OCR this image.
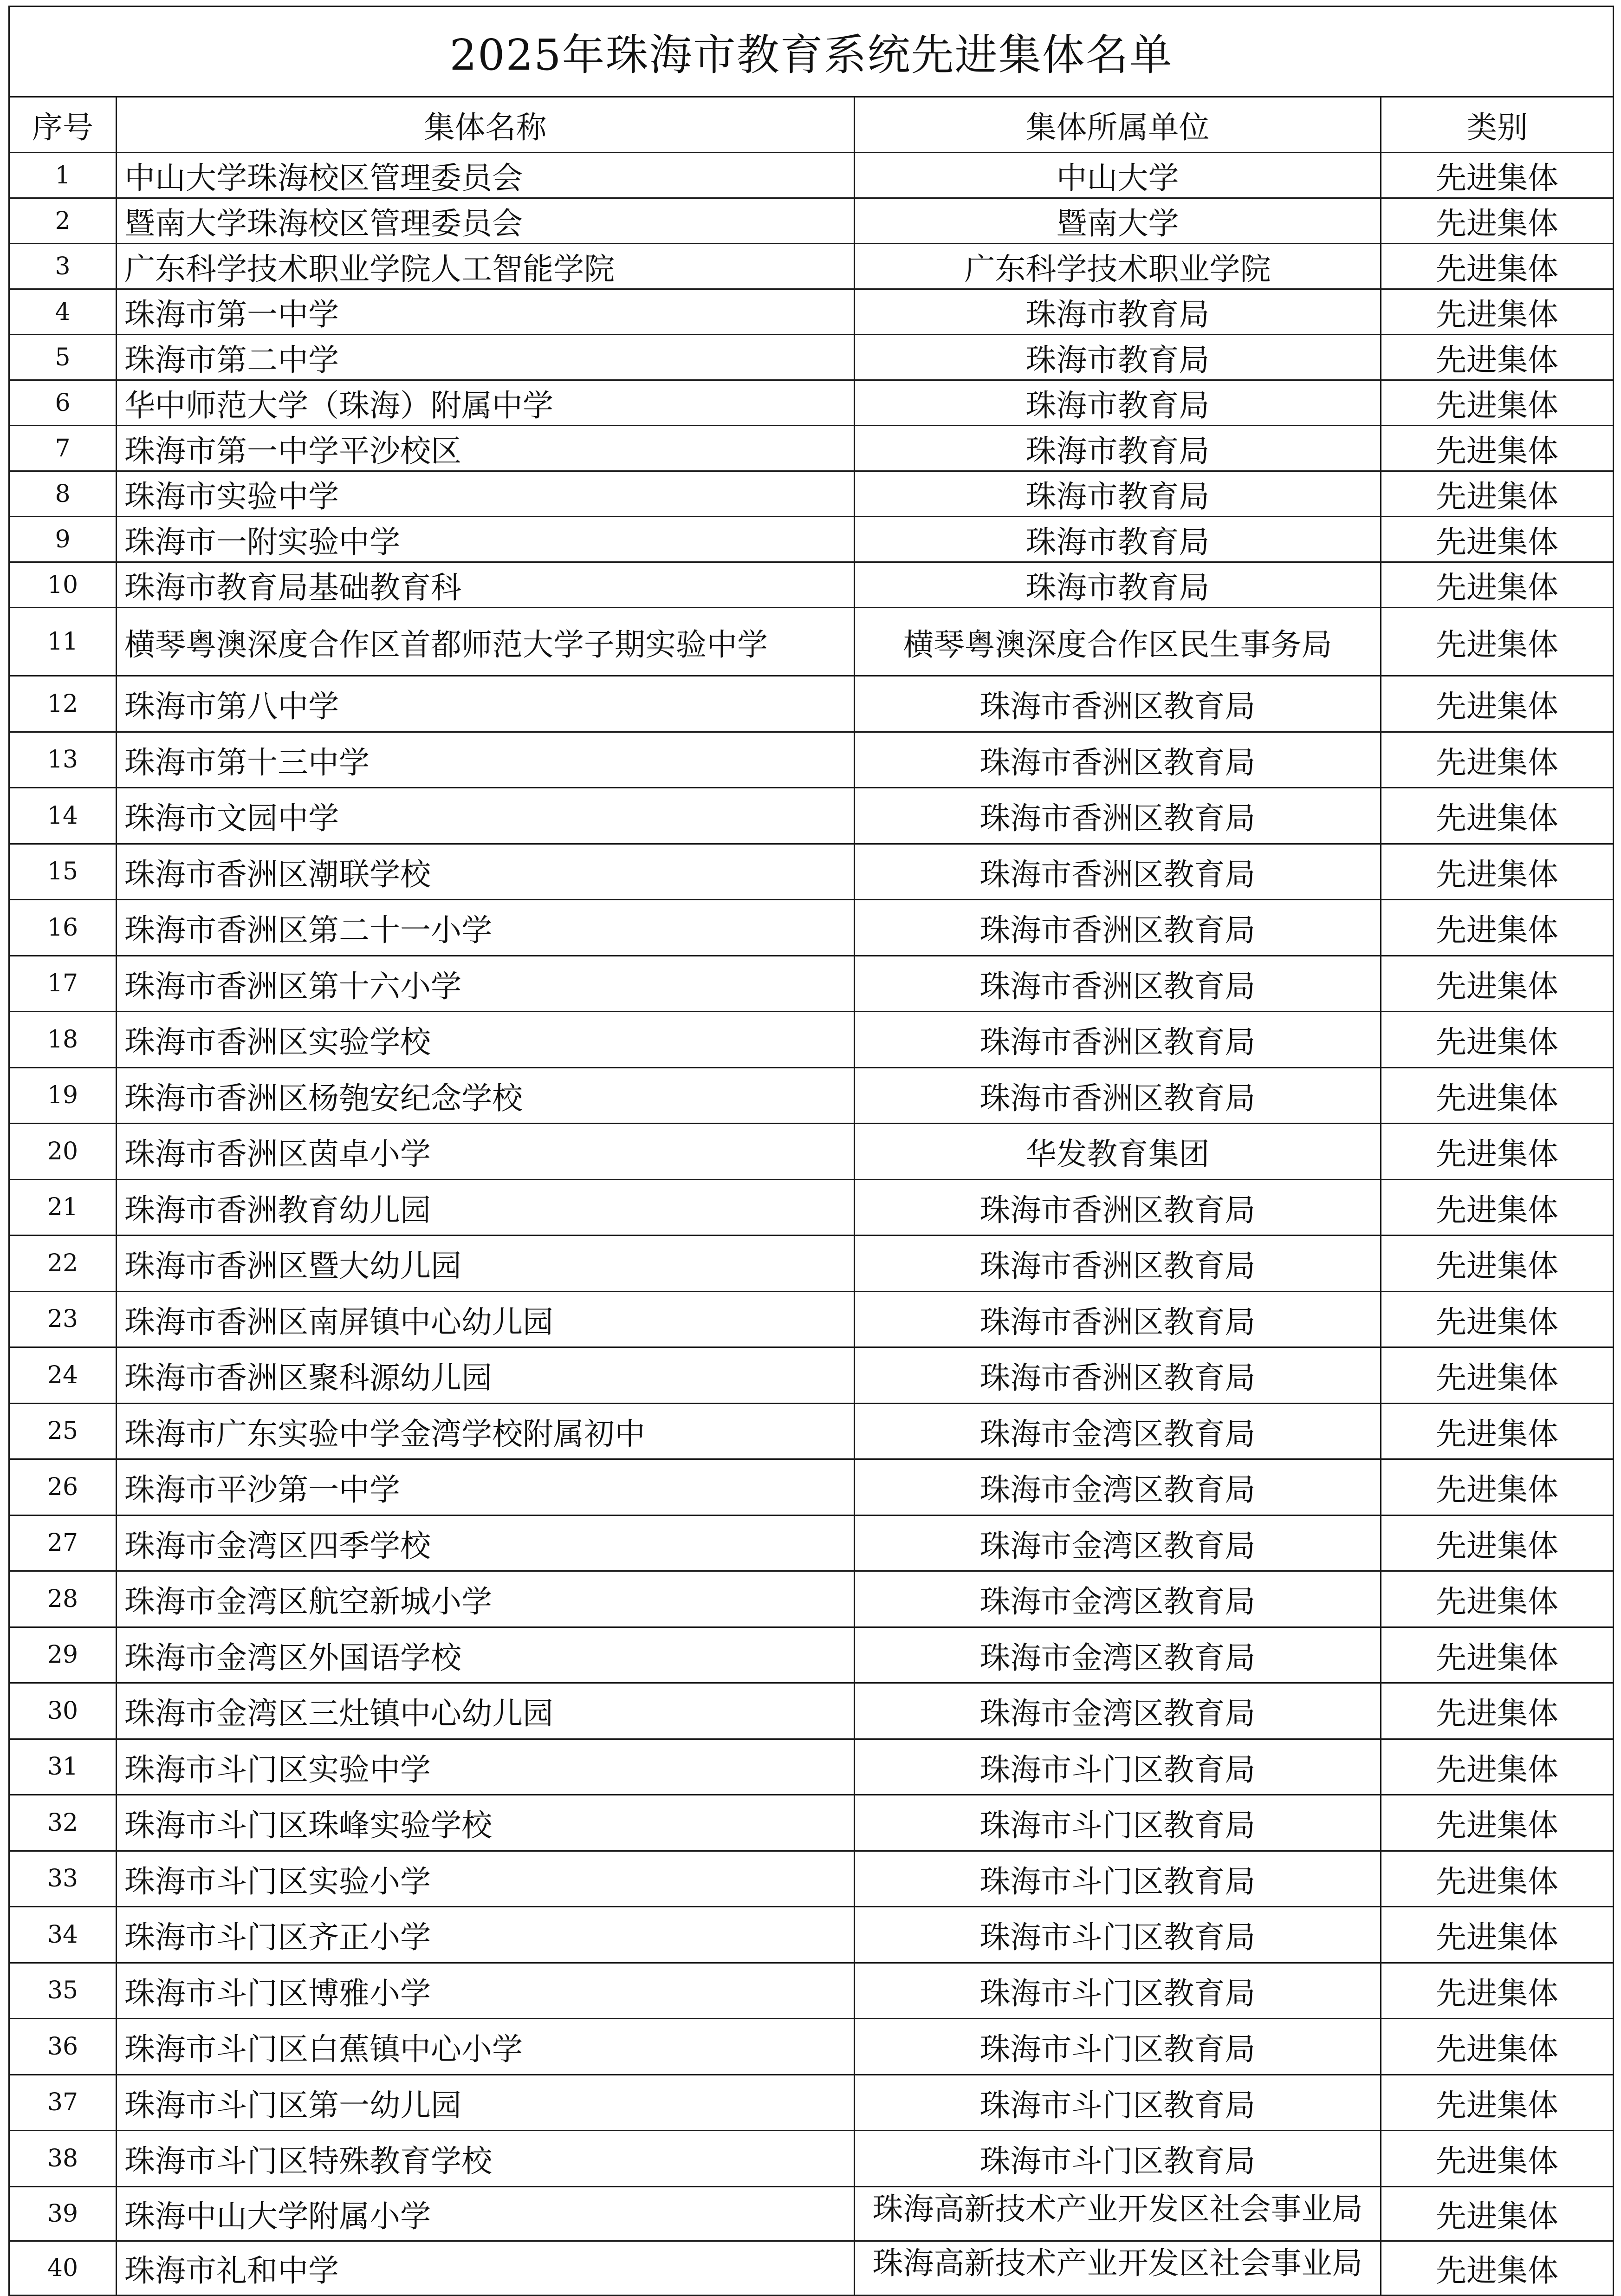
2025年珠海市教育系统先进集体名单			
序号	集体名称	集体所属单位	类别
1	中山大学珠海校区管理委员会	中山大学	先进集体
2	暨南大学珠海校区管理委员会	暨南大学	先进集体
3	广东科学技术职业学院人工智能学院	广东科学技术职业学院	先进集体
4	珠海市第一中学	珠海市教育局	先进集体
5	珠海市第二中学	珠海市教育局	先进集体
6	华中师范大学（珠海）附属中学	珠海市教育局	先进集体
7	珠海市第一中学平沙校区	珠海市教育局	先进集体
8	珠海市实验中学	珠海市教育局	先进集体
9	珠海市一附实验中学	珠海市教育局	先进集体
10	珠海市教育局基础教育科	珠海市教育局	先进集体
11	横琴粤澳深度合作区首都师范大学子期实验中学	横琴粤澳深度合作区民生事务局	先进集体
12	珠海市第八中学	珠海市香洲区教育局	先进集体
13	珠海市第十三中学	珠海市香洲区教育局	先进集体
14	珠海市文园中学	珠海市香洲区教育局	先进集体
15	珠海市香洲区潮联学校	珠海市香洲区教育局	先进集体
16	珠海市香洲区第二十一小学	珠海市香洲区教育局	先进集体
17	珠海市香洲区第十六小学	珠海市香洲区教育局	先进集体
18	珠海市香洲区实验学校	珠海市香洲区教育局	先进集体
19	珠海市香洲区杨匏安纪念学校	珠海市香洲区教育局	先进集体
20	珠海市香洲区茵卓小学	华发教育集团	先进集体
21	珠海市香洲教育幼儿园	珠海市香洲区教育局	先进集体
22	珠海市香洲区暨大幼儿园	珠海市香洲区教育局	先进集体
23	珠海市香洲区南屏镇中心幼儿园	珠海市香洲区教育局	先进集体
24	珠海市香洲区聚科源幼儿园	珠海市香洲区教育局	先进集体
25	珠海市广东实验中学金湾学校附属初中	珠海市金湾区教育局	先进集体
26	珠海市平沙第一中学	珠海市金湾区教育局	先进集体
27	珠海市金湾区四季学校	珠海市金湾区教育局	先进集体
28	珠海市金湾区航空新城小学	珠海市金湾区教育局	先进集体
29	珠海市金湾区外国语学校	珠海市金湾区教育局	先进集体
30	珠海市金湾区三灶镇中心幼儿园	珠海市金湾区教育局	先进集体
31	珠海市斗门区实验中学	珠海市斗门区教育局	先进集体
32	珠海市斗门区珠峰实验学校	珠海市斗门区教育局	先进集体
33	珠海市斗门区实验小学	珠海市斗门区教育局	先进集体
34	珠海市斗门区齐正小学	珠海市斗门区教育局	先进集体
35	珠海市斗门区博雅小学	珠海市斗门区教育局	先进集体
36	珠海市斗门区白蕉镇中心小学	珠海市斗门区教育局	先进集体
37	珠海市斗门区第一幼儿园	珠海市斗门区教育局	先进集体
38	珠海市斗门区特殊教育学校	珠海市斗门区教育局	先进集体
39	珠海中山大学附属小学	珠海高新技术产业开发区社会事业局	先进集体
40	珠海市礼和中学	珠海高新技术产业开发区社会事业局	先进集体
